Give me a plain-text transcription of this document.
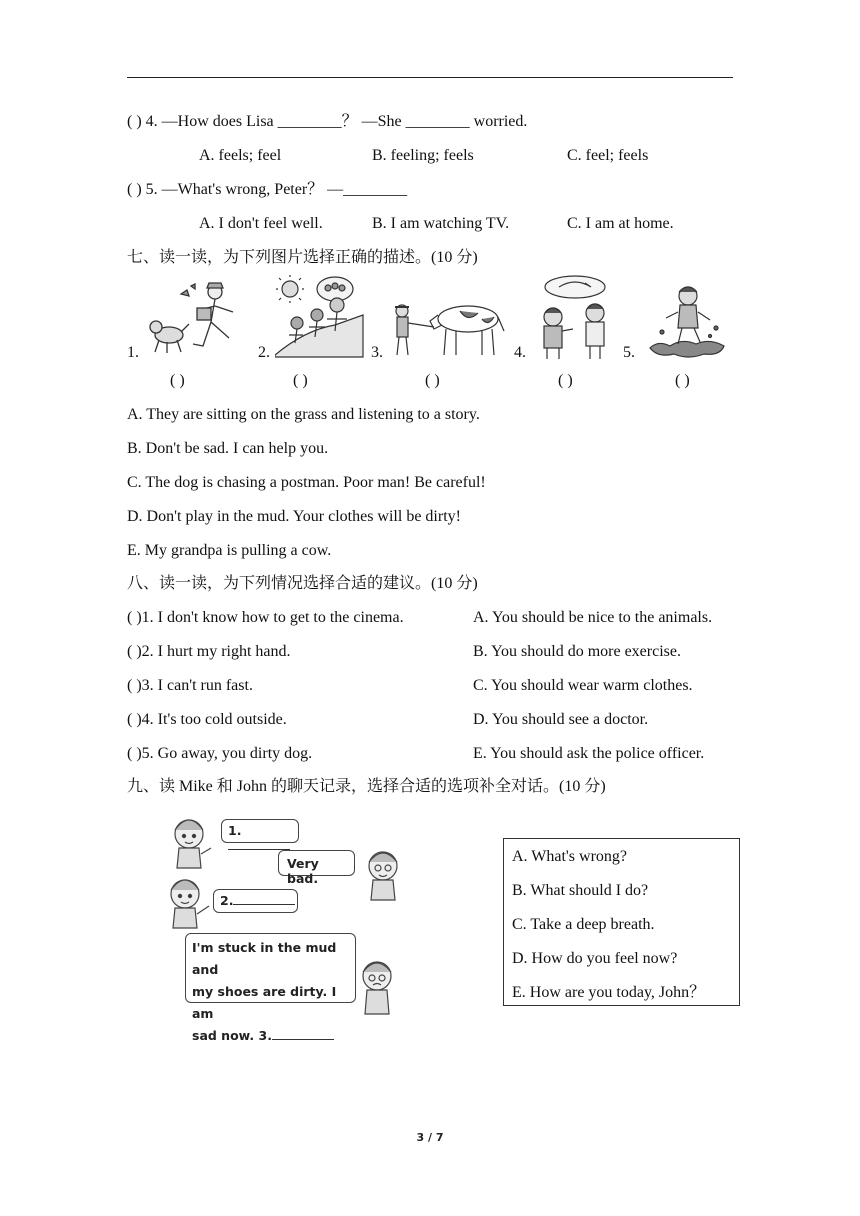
( ) 4. —How does Lisa ________？ —She ________ worried.
A. feels; feel	B. feeling; feels	C. feel; feels
( ) 5. —What's wrong, Peter？ —________
A. I don't feel well.	B. I am watching TV.	C. I am at home.
七、读一读，为下列图片选择正确的描述。(10 分)
1.	2.	3.	4.	5.
( )	( )	( )	( )	( )
A. They are sitting on the grass and listening to a story.
B. Don't be sad. I can help you.
C. The dog is chasing a postman. Poor man! Be careful!
D. Don't play in the mud. Your clothes will be dirty!
E. My grandpa is pulling a cow.
八、读一读，为下列情况选择合适的建议。(10 分)
( )1. I don't know how to get to the cinema.	A. You should be nice to the animals.
( )2. I hurt my right hand.	B. You should do more exercise.
( )3. I can't run fast.	C. You should wear warm clothes.
( )4. It's too cold outside.	D. You should see a doctor.
( )5. Go away, you dirty dog.	E. You should ask the police officer.
九、读 Mike 和 John 的聊天记录，选择合适的选项补全对话。(10 分)
1.
Very bad.
2.
I'm stuck in the mud and
my shoes are dirty. I am
sad now. 3.
A. What's wrong?
B. What should I do?
C. Take a deep breath.
D. How do you feel now?
E. How are you today, John？
3 / 7
